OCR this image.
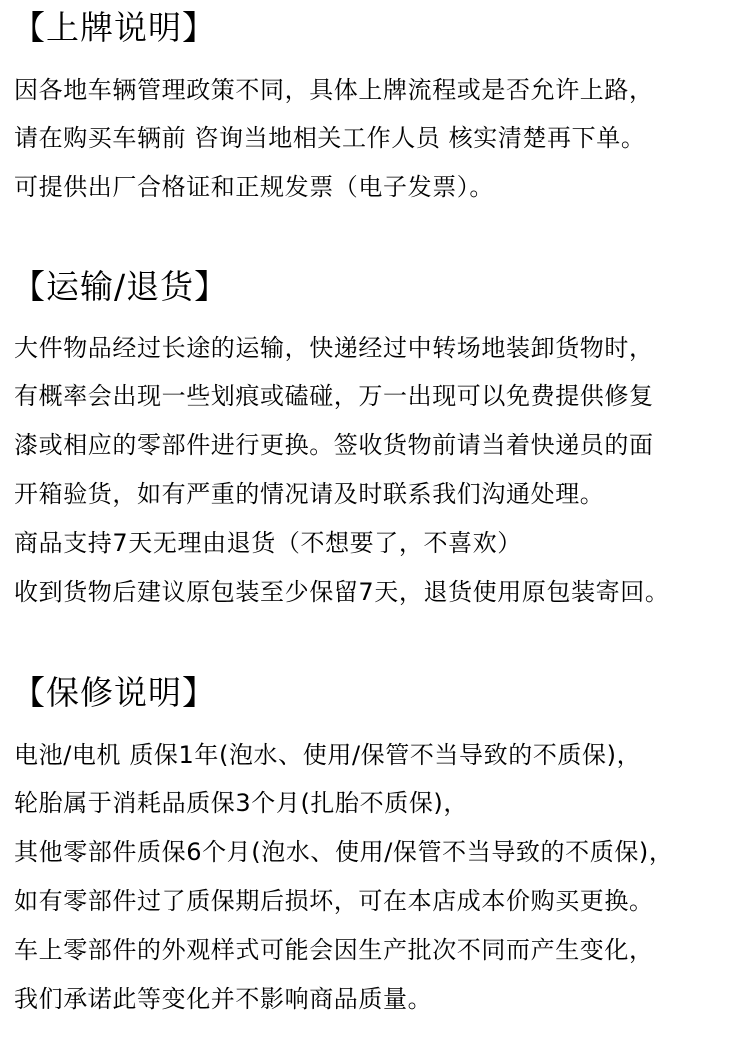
【上牌说明】
因各地车辆管理政策不同，具体上牌流程或是否允许上路，
请在购买车辆前 咨询当地相关工作人员 核实清楚再下单。
可提供出厂合格证和正规发票（电子发票）。
【运输/退货】
大件物品经过长途的运输，快递经过中转场地装卸货物时，
有概率会出现一些划痕或磕碰，万一出现可以免费提供修复
漆或相应的零部件进行更换。签收货物前请当着快递员的面
开箱验货，如有严重的情况请及时联系我们沟通处理。
商品支持7天无理由退货（不想要了，不喜欢）
收到货物后建议原包装至少保留7天，退货使用原包装寄回。
【保修说明】
电池/电机 质保1年(泡水、使用/保管不当导致的不质保)，
轮胎属于消耗品质保3个月(扎胎不质保)，
其他零部件质保6个月(泡水、使用/保管不当导致的不质保)，
如有零部件过了质保期后损坏，可在本店成本价购买更换。
车上零部件的外观样式可能会因生产批次不同而产生变化，
我们承诺此等变化并不影响商品质量。
